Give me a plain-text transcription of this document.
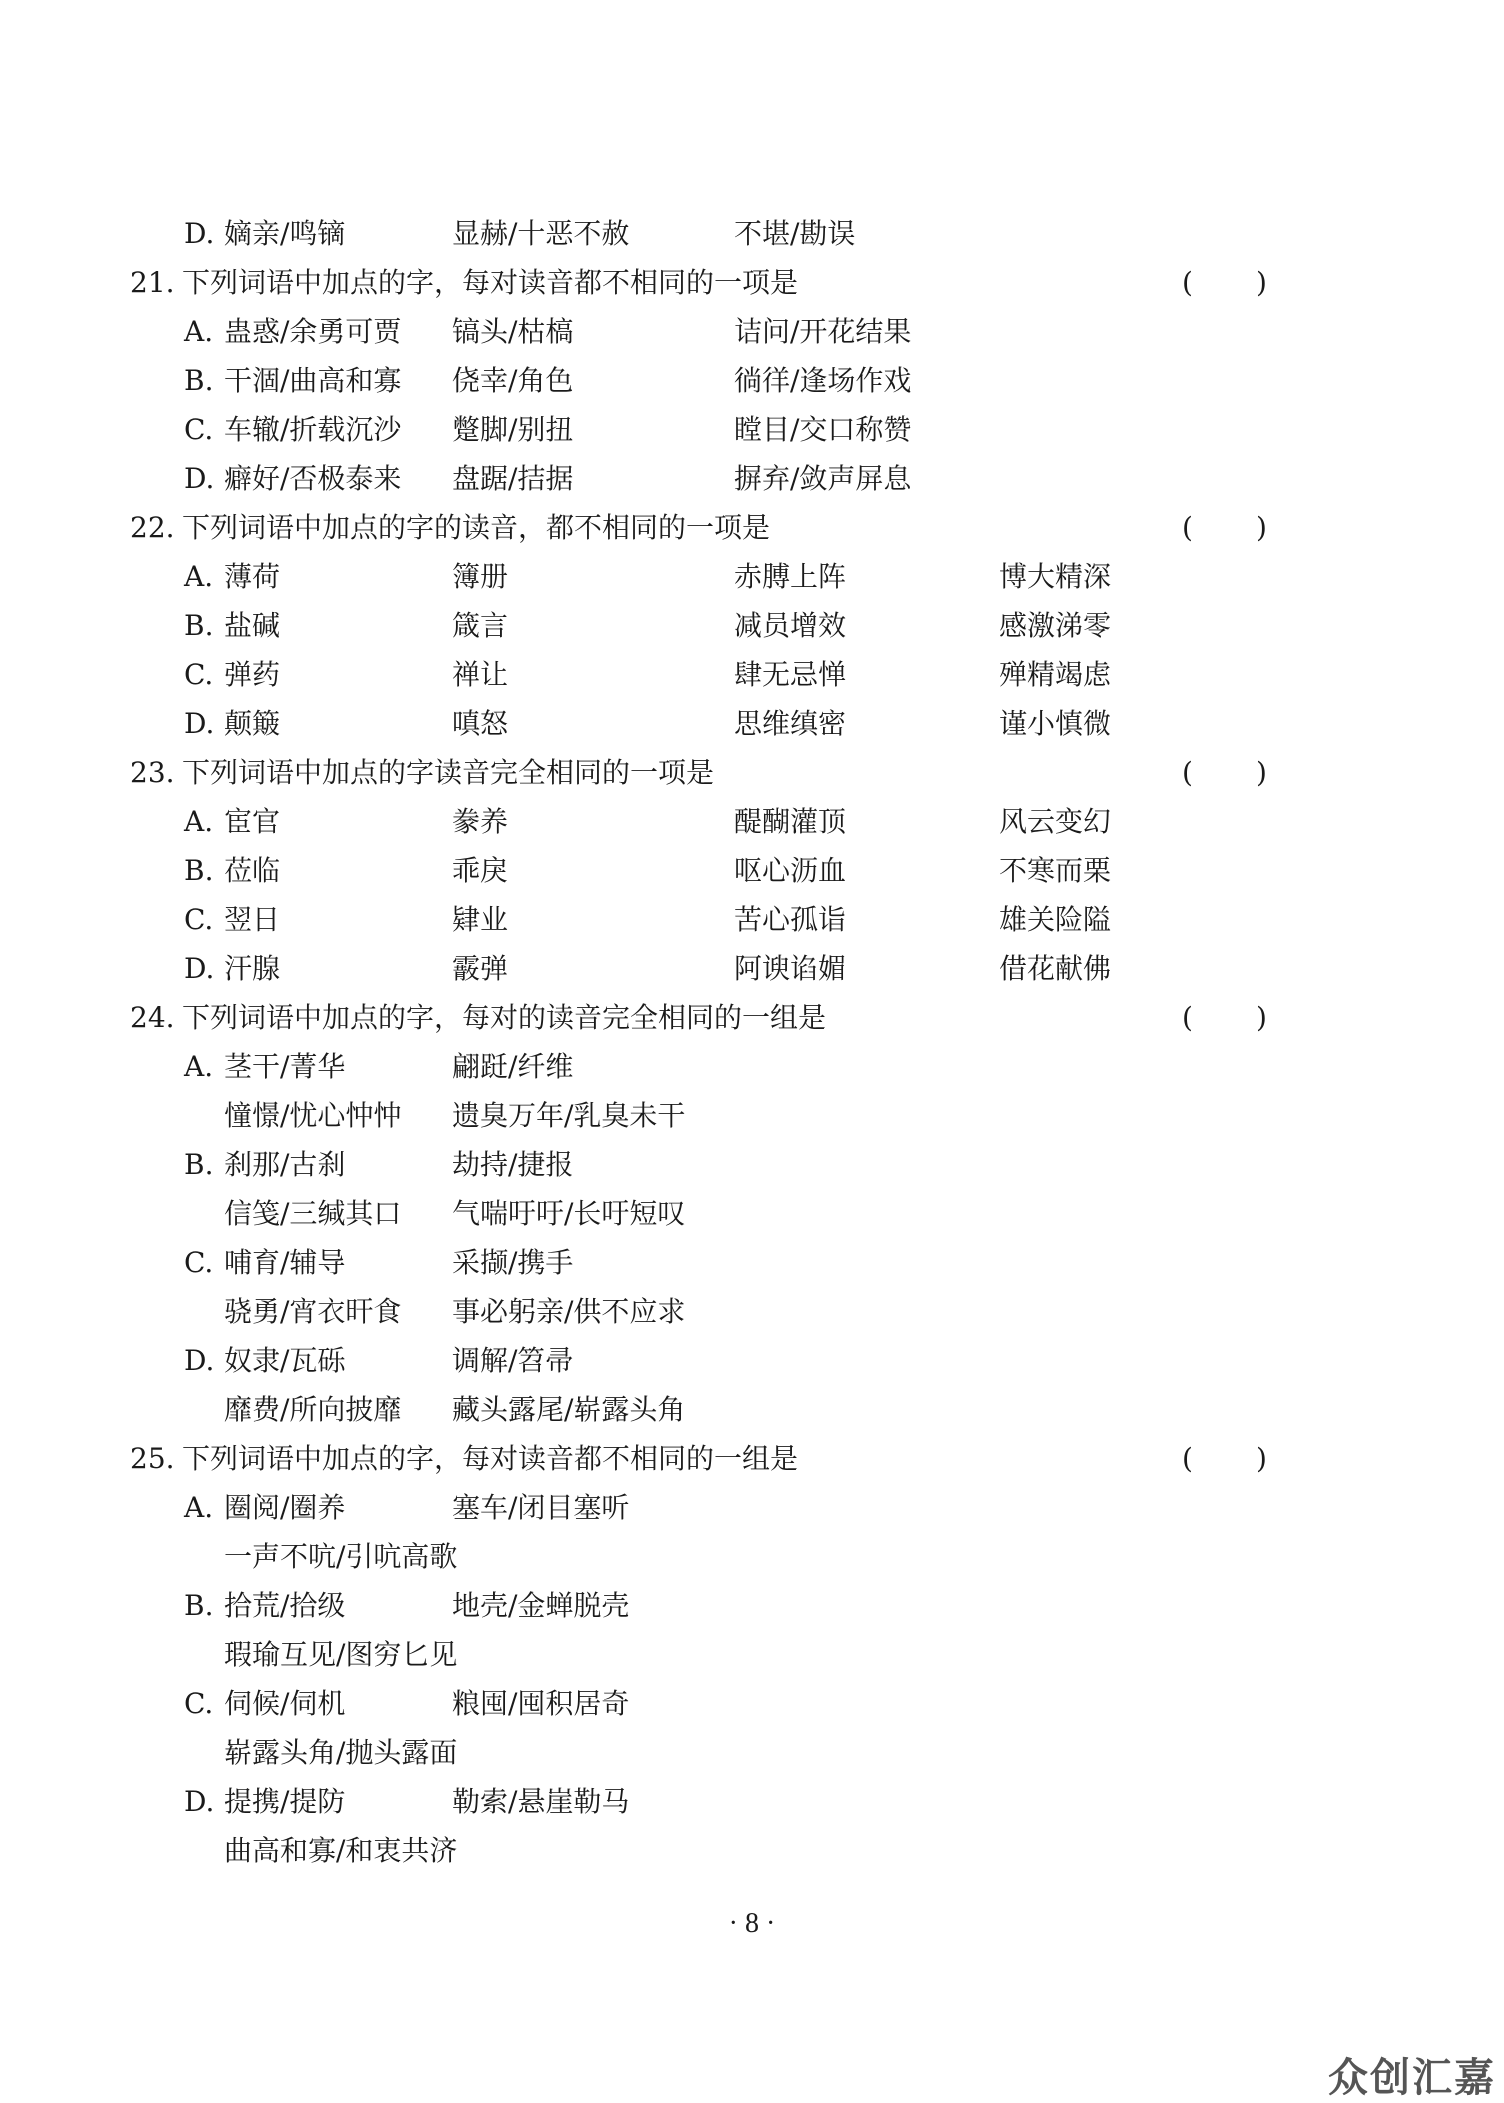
D. 嫡亲/鸣镝	显赫/十恶不赦	不堪/勘误
21. 下列词语中加点的字，每对读音都不相同的一项是	( )
A. 蛊惑/余勇可贾 镐头/枯槁	诘问/开花结果
B. 干涸/曲高和寡 侥幸/角色	徜徉/逢场作戏
C. 车辙/折载沉沙 蹩脚/别扭	瞠目/交口称赞
D. 癖好/否极泰来 盘踞/拮据	摒弃/敛声屏息
22. 下列词语中加点的字的读音，都不相同的一项是	( )
A. 薄荷	簿册	赤膊上阵	博大精深
B. 盐碱	箴言	减员增效	感激涕零
C. 弹药	禅让	肆无忌惮	殚精竭虑
D. 颠簸	嗔怒	思维缜密	谨小慎微
23. 下列词语中加点的字读音完全相同的一项是	( )
A. 宦官	豢养	醍醐灌顶	风云变幻
B. 莅临	乖戾	呕心沥血	不寒而栗
C. 翌日	肄业	苦心孤诣	雄关险隘
D. 汗腺	霰弹	阿谀谄媚	借花献佛
24. 下列词语中加点的字，每对的读音完全相同的一组是	( )
A. 茎干/菁华	翩跹/纤维
憧憬/忧心忡忡 遗臭万年/乳臭未干
B. 刹那/古刹	劫持/捷报
信笺/三缄其口 气喘吁吁/长吁短叹
C. 哺育/辅导	采撷/携手
骁勇/宵衣旰食 事必躬亲/供不应求
D. 奴隶/瓦砾	调解/笤帚
靡费/所向披靡 藏头露尾/崭露头角
25. 下列词语中加点的字，每对读音都不相同的一组是	( )
A. 圈阅/圈养	塞车/闭目塞听
一声不吭/引吭高歌
B. 拾荒/拾级	地壳/金蝉脱壳
瑕瑜互见/图穷匕见
C. 伺候/伺机	粮囤/囤积居奇
崭露头角/抛头露面
D. 提携/提防	勒索/悬崖勒马
曲高和寡/和衷共济
· 8 ·
众创汇嘉
